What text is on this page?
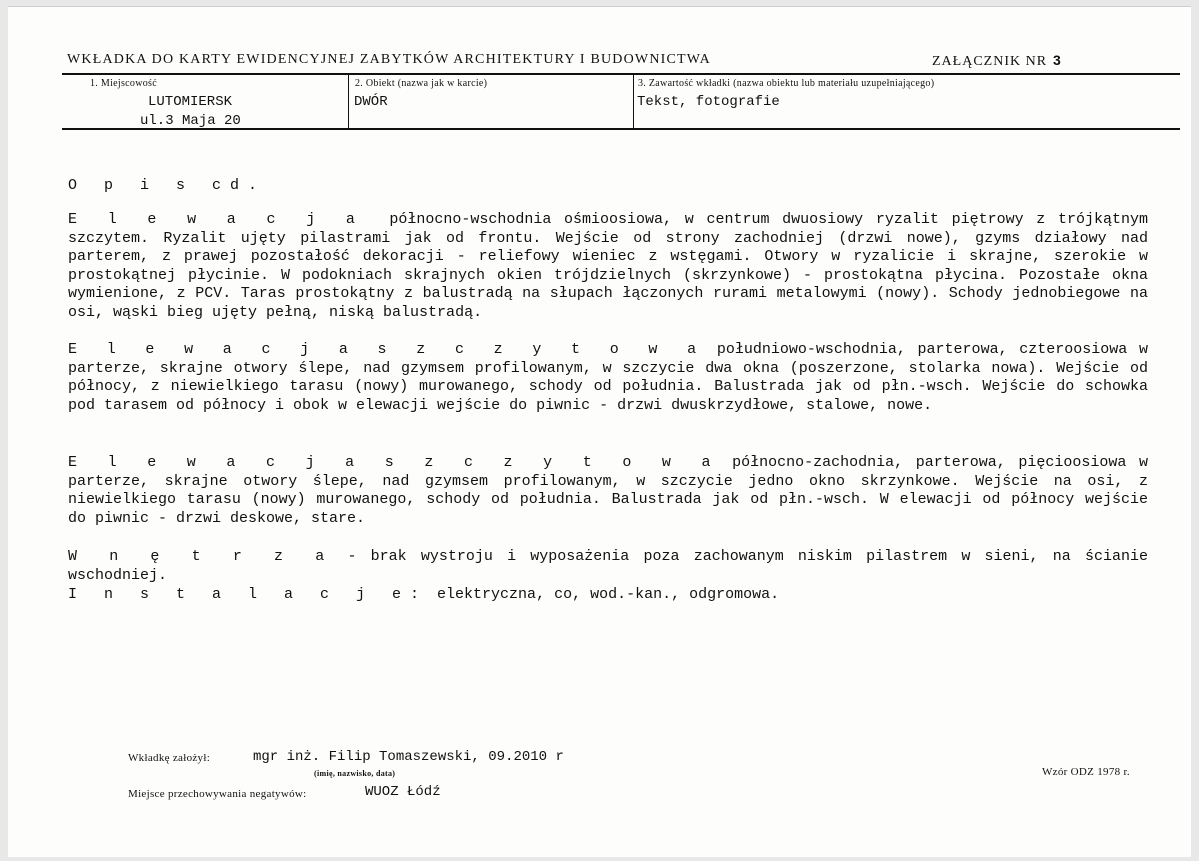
WKŁADKA DO KARTY EWIDENCYJNEJ ZABYTKÓW ARCHITEKTURY I BUDOWNICTWA	ZAŁĄCZNIK NR 3
1. Miejscowość
LUTOMIERSK
ul.3 Maja 20
2. Obiekt (nazwa jak w karcie)
DWÓR
3. Zawartość wkładki (nazwa obiektu lub materiału uzupełniającego)
Tekst, fotografie

O p i s cd.

E l e w a c j a północno-wschodnia ośmioosiowa, w centrum dwuosiowy ryzalit piętrowy z trójkątnym szczytem. Ryzalit ujęty pilastrami jak od frontu. Wejście od strony zachodniej (drzwi nowe), gzyms działowy nad parterem, z prawej pozostałość dekoracji - reliefowy wieniec z wstęgami. Otwory w ryzalicie i skrajne, szerokie w prostokątnej płycinie. W podokniach skrajnych okien trójdzielnych (skrzynkowe) - prostokątna płycina. Pozostałe okna wymienione, z PCV. Taras prostokątny z balustradą na słupach łączonych rurami metalowymi (nowy). Schody jednobiegowe na osi, wąski bieg ujęty pełną, niską balustradą.

E l e w a c j a s z c z y t o w a południowo-wschodnia, parterowa, czteroosiowa w parterze, skrajne otwory ślepe, nad gzymsem profilowanym, w szczycie dwa okna (poszerzone, stolarka nowa). Wejście od północy, z niewielkiego tarasu (nowy) murowanego, schody od południa. Balustrada jak od płn.-wsch. Wejście do schowka pod tarasem od północy i obok w elewacji wejście do piwnic - drzwi dwuskrzydłowe, stalowe, nowe.

E l e w a c j a s z c z y t o w a północno-zachodnia, parterowa, pięcioosiowa w parterze, skrajne otwory ślepe, nad gzymsem profilowanym, w szczycie jedno okno skrzynkowe. Wejście na osi, z niewielkiego tarasu (nowy) murowanego, schody od południa. Balustrada jak od płn.-wsch. W elewacji od północy wejście do piwnic - drzwi deskowe, stare.

W n ę t r z a - brak wystroju i wyposażenia poza zachowanym niskim pilastrem w sieni, na ścianie wschodniej.

I n s t a l a c j e: elektryczna, co, wod.-kan., odgromowa.

Wkładkę założył:	mgr inż. Filip Tomaszewski, 09.2010 r
(imię, nazwisko, data)	Wzór ODZ 1978 r.
Miejsce przechowywania negatywów:	WUOZ Łódź
